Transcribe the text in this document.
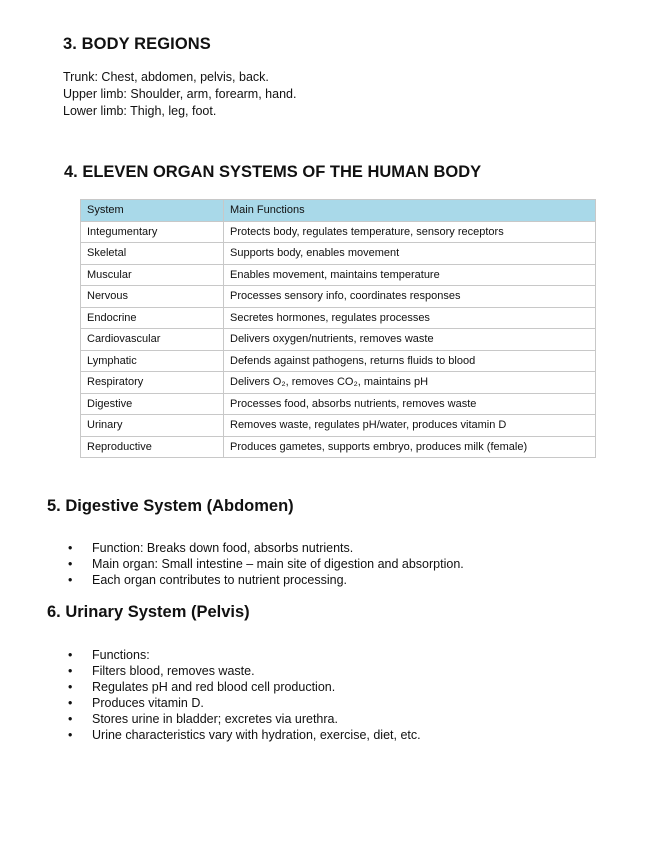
3. BODY REGIONS
Trunk: Chest, abdomen, pelvis, back.
Upper limb: Shoulder, arm, forearm, hand.
Lower limb: Thigh, leg, foot.
4. ELEVEN ORGAN SYSTEMS OF THE HUMAN BODY
System	Main Functions
Integumentary	Protects body, regulates temperature, sensory receptors
Skeletal	Supports body, enables movement
Muscular	Enables movement, maintains temperature
Nervous	Processes sensory info, coordinates responses
Endocrine	Secretes hormones, regulates processes
Cardiovascular	Delivers oxygen/nutrients, removes waste
Lymphatic	Defends against pathogens, returns fluids to blood
Respiratory	Delivers O₂, removes CO₂, maintains pH
Digestive	Processes food, absorbs nutrients, removes waste
Urinary	Removes waste, regulates pH/water, produces vitamin D
Reproductive	Produces gametes, supports embryo, produces milk (female)
5. Digestive System (Abdomen)
• Function: Breaks down food, absorbs nutrients.
• Main organ: Small intestine – main site of digestion and absorption.
• Each organ contributes to nutrient processing.
6. Urinary System (Pelvis)
• Functions:
• Filters blood, removes waste.
• Regulates pH and red blood cell production.
• Produces vitamin D.
• Stores urine in bladder; excretes via urethra.
• Urine characteristics vary with hydration, exercise, diet, etc.
